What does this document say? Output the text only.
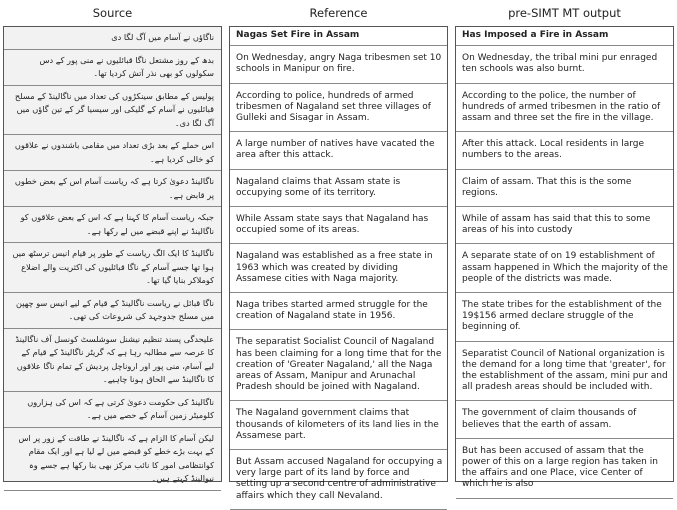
Source

ناگاؤں نے آسام میں آگ لگا دی

بدھ کے روز مشتعل ناگا قبائلیوں نے منی پور کے دس سکولوں کو بھی نذر آتش کردیا تھا۔

پولیس کے مطابق سینکڑوں کی تعداد میں ناگالینڈ کے مسلح قبائلیوں نے آسام کے گلیکی اور سیسیا گر کے تین گاؤں میں آگ لگا دی۔

اس حملے کے بعد بڑی تعداد میں مقامی باشندوں نے علاقوں کو خالی کردیا ہے۔

ناگالینڈ دعویٰ کرتا ہے کہ ریاست آسام اس کے بعض خطوں پر قابض ہے۔

جبکہ ریاست آسام کا کہنا ہے کہ اس کے بعض علاقوں کو ناگالینڈ نے اپنے قبضے میں لے رکھا ہے۔

ناگالینڈ کا ایک الگ ریاست کے طور پر قیام انیس ترسٹھ میں ہوا تھا جسے آسام کے ناگا قبائلیوں کی اکثریت والے اضلاع کوملاکر بنایا گیا تھا۔

ناگا قبائل نے ریاست ناگالینڈ کے قیام کے لیے انیس سو چھپن میں مسلح جدوجہد کی شروعات کی تھی۔

علیحدگی پسند تنظیم نیشنل سوشلسٹ کونسل آف ناگالینڈ کا عرصہ سے مطالبہ رہا ہے کہ گریٹر ناگالینڈ کے قیام کے لیے آسام، منی پور اور اروناچل پردیش کے تمام ناگا علاقوں کا ناگالینڈ سے الحاق ہونا چاہیے۔

ناگالینڈ کی حکومت دعویٰ کرتی ہے کہ اس کی ہزاروں کلومیٹر زمین آسام کے حصے میں ہے۔

لیکن آسام کا الزام ہے کہ ناگالینڈ نے طاقت کے زور پر اس کے بہت بڑے خطے کو قبضے میں لے لیا ہے اور ایک مقام کوانتظامی امور کا نائب مرکز بھی بنا رکھا ہے جسے وہ نیوالینڈ کہتے ہیں۔

Reference

Nagas Set Fire in Assam

On Wednesday, angry Naga tribesmen set 10 schools in Manipur on fire.

According to police, hundreds of armed tribesmen of Nagaland set three villages of Gulleki and Sisagar in Assam.

A large number of natives have vacated the area after this attack.

Nagaland claims that Assam state is occupying some of its territory.

While Assam state says that Nagaland has occupied some of its areas.

Nagaland was established as a free state in 1963 which was created by dividing Assamese cities with Naga majority.

Naga tribes started armed struggle for the creation of Nagaland state in 1956.

The separatist Socialist Council of Nagaland has been claiming for a long time that for the creation of 'Greater Nagaland,' all the Naga areas of Assam, Manipur and Arunachal Pradesh should be joined with Nagaland.

The Nagaland government claims that thousands of kilometers of its land lies in the Assamese part.

But Assam accused Nagaland for occupying a very large part of its land by force and setting up a second centre of administrative affairs which they call Nevaland.

pre-SIMT MT output

Has Imposed a Fire in Assam

On Wednesday, the tribal mini pur enraged ten schools was also burnt.

According to the police, the number of hundreds of armed tribesmen in the ratio of assam and three set the fire in the village.

After this attack. Local residents in large numbers to the areas.

Claim of assam. That this is the some regions.

While of assam has said that this to some areas of his into custody

A separate state of on 19 establishment of assam happened in Which the majority of the people of the districts was made.

The state tribes for the establishment of the 19$156 armed declare struggle of the beginning of.

Separatist Council of National organization is the demand for a long time that 'greater', for the establishment of the assam, mini pur and all pradesh areas should be included with.

The government of claim thousands of believes that the earth of assam.

But has been accused of assam that the power of this on a large region has taken in the affairs and one Place, vice Center of which he is also
